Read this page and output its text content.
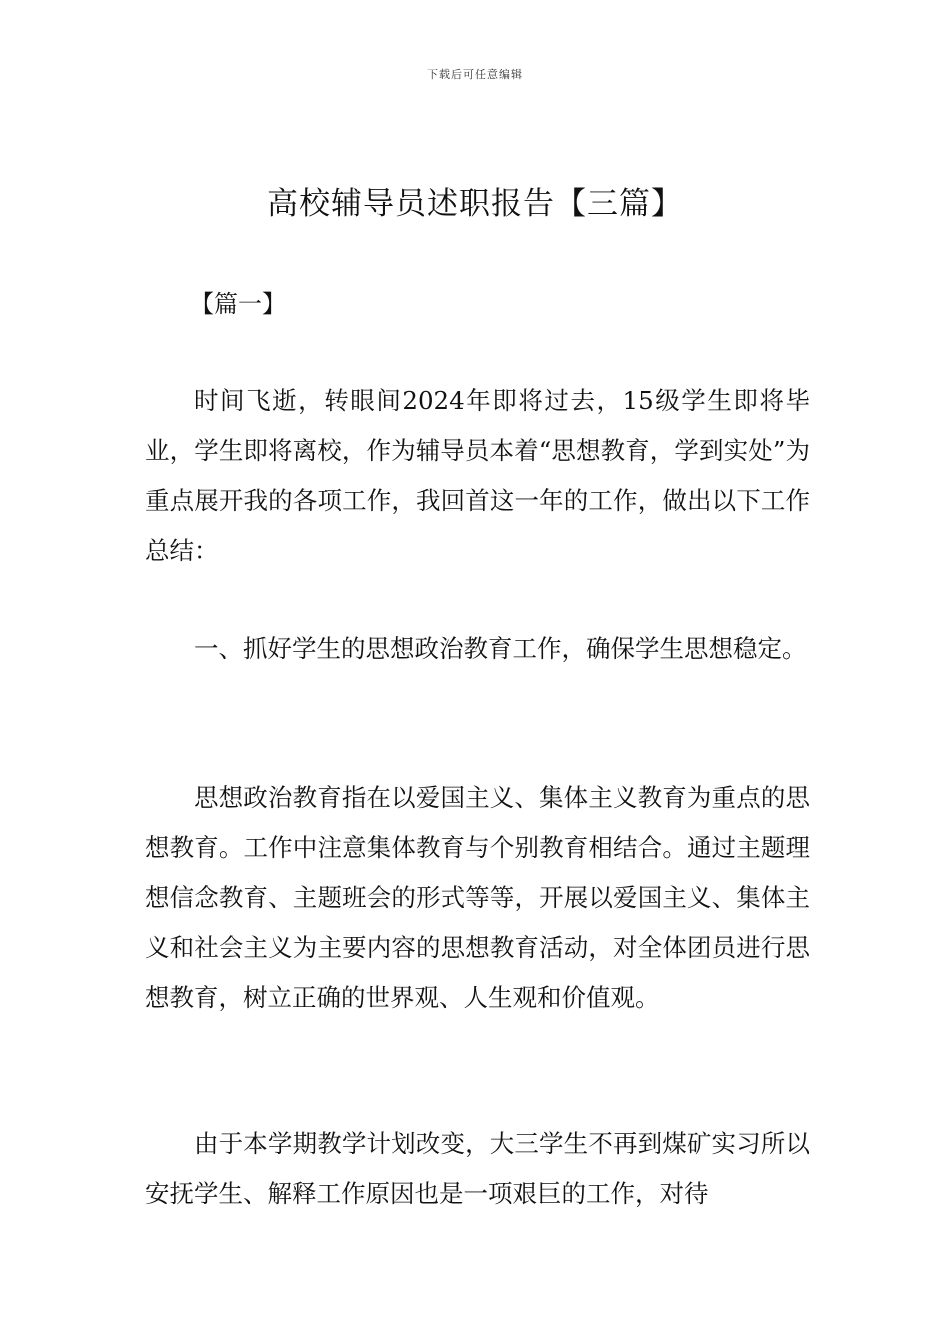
下载后可任意编辑
高校辅导员述职报告【三篇】
【篇一】

时间飞逝，转眼间2024年即将过去，15级学生即将毕业，学生即将离校，作为辅导员本着“思想教育，学到实处”为重点展开我的各项工作，我回首这一年的工作，做出以下工作总结：

一、抓好学生的思想政治教育工作，确保学生思想稳定。

思想政治教育指在以爱国主义、集体主义教育为重点的思想教育。工作中注意集体教育与个别教育相结合。通过主题理想信念教育、主题班会的形式等等，开展以爱国主义、集体主义和社会主义为主要内容的思想教育活动，对全体团员进行思想教育，树立正确的世界观、人生观和价值观。

由于本学期教学计划改变，大三学生不再到煤矿实习所以安抚学生、解释工作原因也是一项艰巨的工作，对待
